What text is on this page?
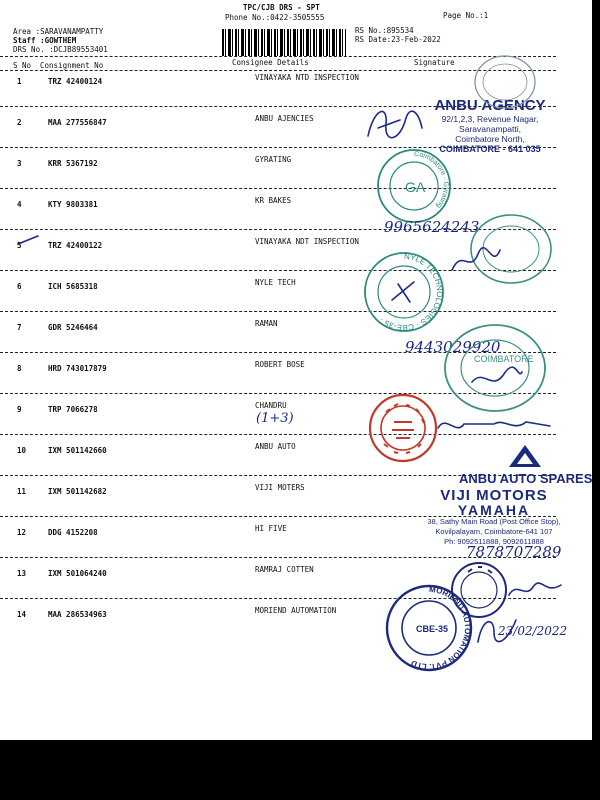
TPC/CJB DRS - SPT
Phone No.:0422-3505555	Page No.:1
Area :SARAVANAMPATTY
Staff :GOWTHEM
DRS No. :DCJB89553401
RS No.:895534
RS Date:23-Feb-2022
S No Consignment No	Consignee Details	Signature
1	TRZ 42400124	VINAYAKA NTD INSPECTION
2	MAA 277556847	ANBU AJENCIES
3	KRR 5367192	GYRATING
4	KTY 9803381	KR BAKES
5	TRZ 42400122	VINAYAKA NDT INSPECTION
6	ICH 5685318	NYLE TECH
7	GDR 5246464	RAMAN
8	HRD 743017879	ROBERT BOSE
9	TRP 7066278	CHANDRU
10	IXM 501142660	ANBU AUTO
11	IXM 501142682	VIJI MOTERS
12	DDG 4152208	HI FIVE
13	IXM 501064240	RAMRAJ COTTEN
14	MAA 286534963	MORIEND AUTOMATION
(1+3)
ANBU AGENCY
92/1,2,3, Revenue Nagar,
Saravanampatti,
Coimbatore North,
COIMBATORE - 641 035
Coimbatore · Gyrating ·
GA
9965624243
NYLE TECHNOLOGIES · CBE-35 ·
9443029920
COIMBATORE
ANBU AUTO SPARES
VIJI MOTORS
YAMAHA
38, Sathy Main Road (Post Office Stop),
Kovilpalayam, Coimbatore-641 107
Ph: 9092511888, 9092611888
7878707289
MORIEND AUTOMATION PVT. LTD
CBE-35	23/02/2022
